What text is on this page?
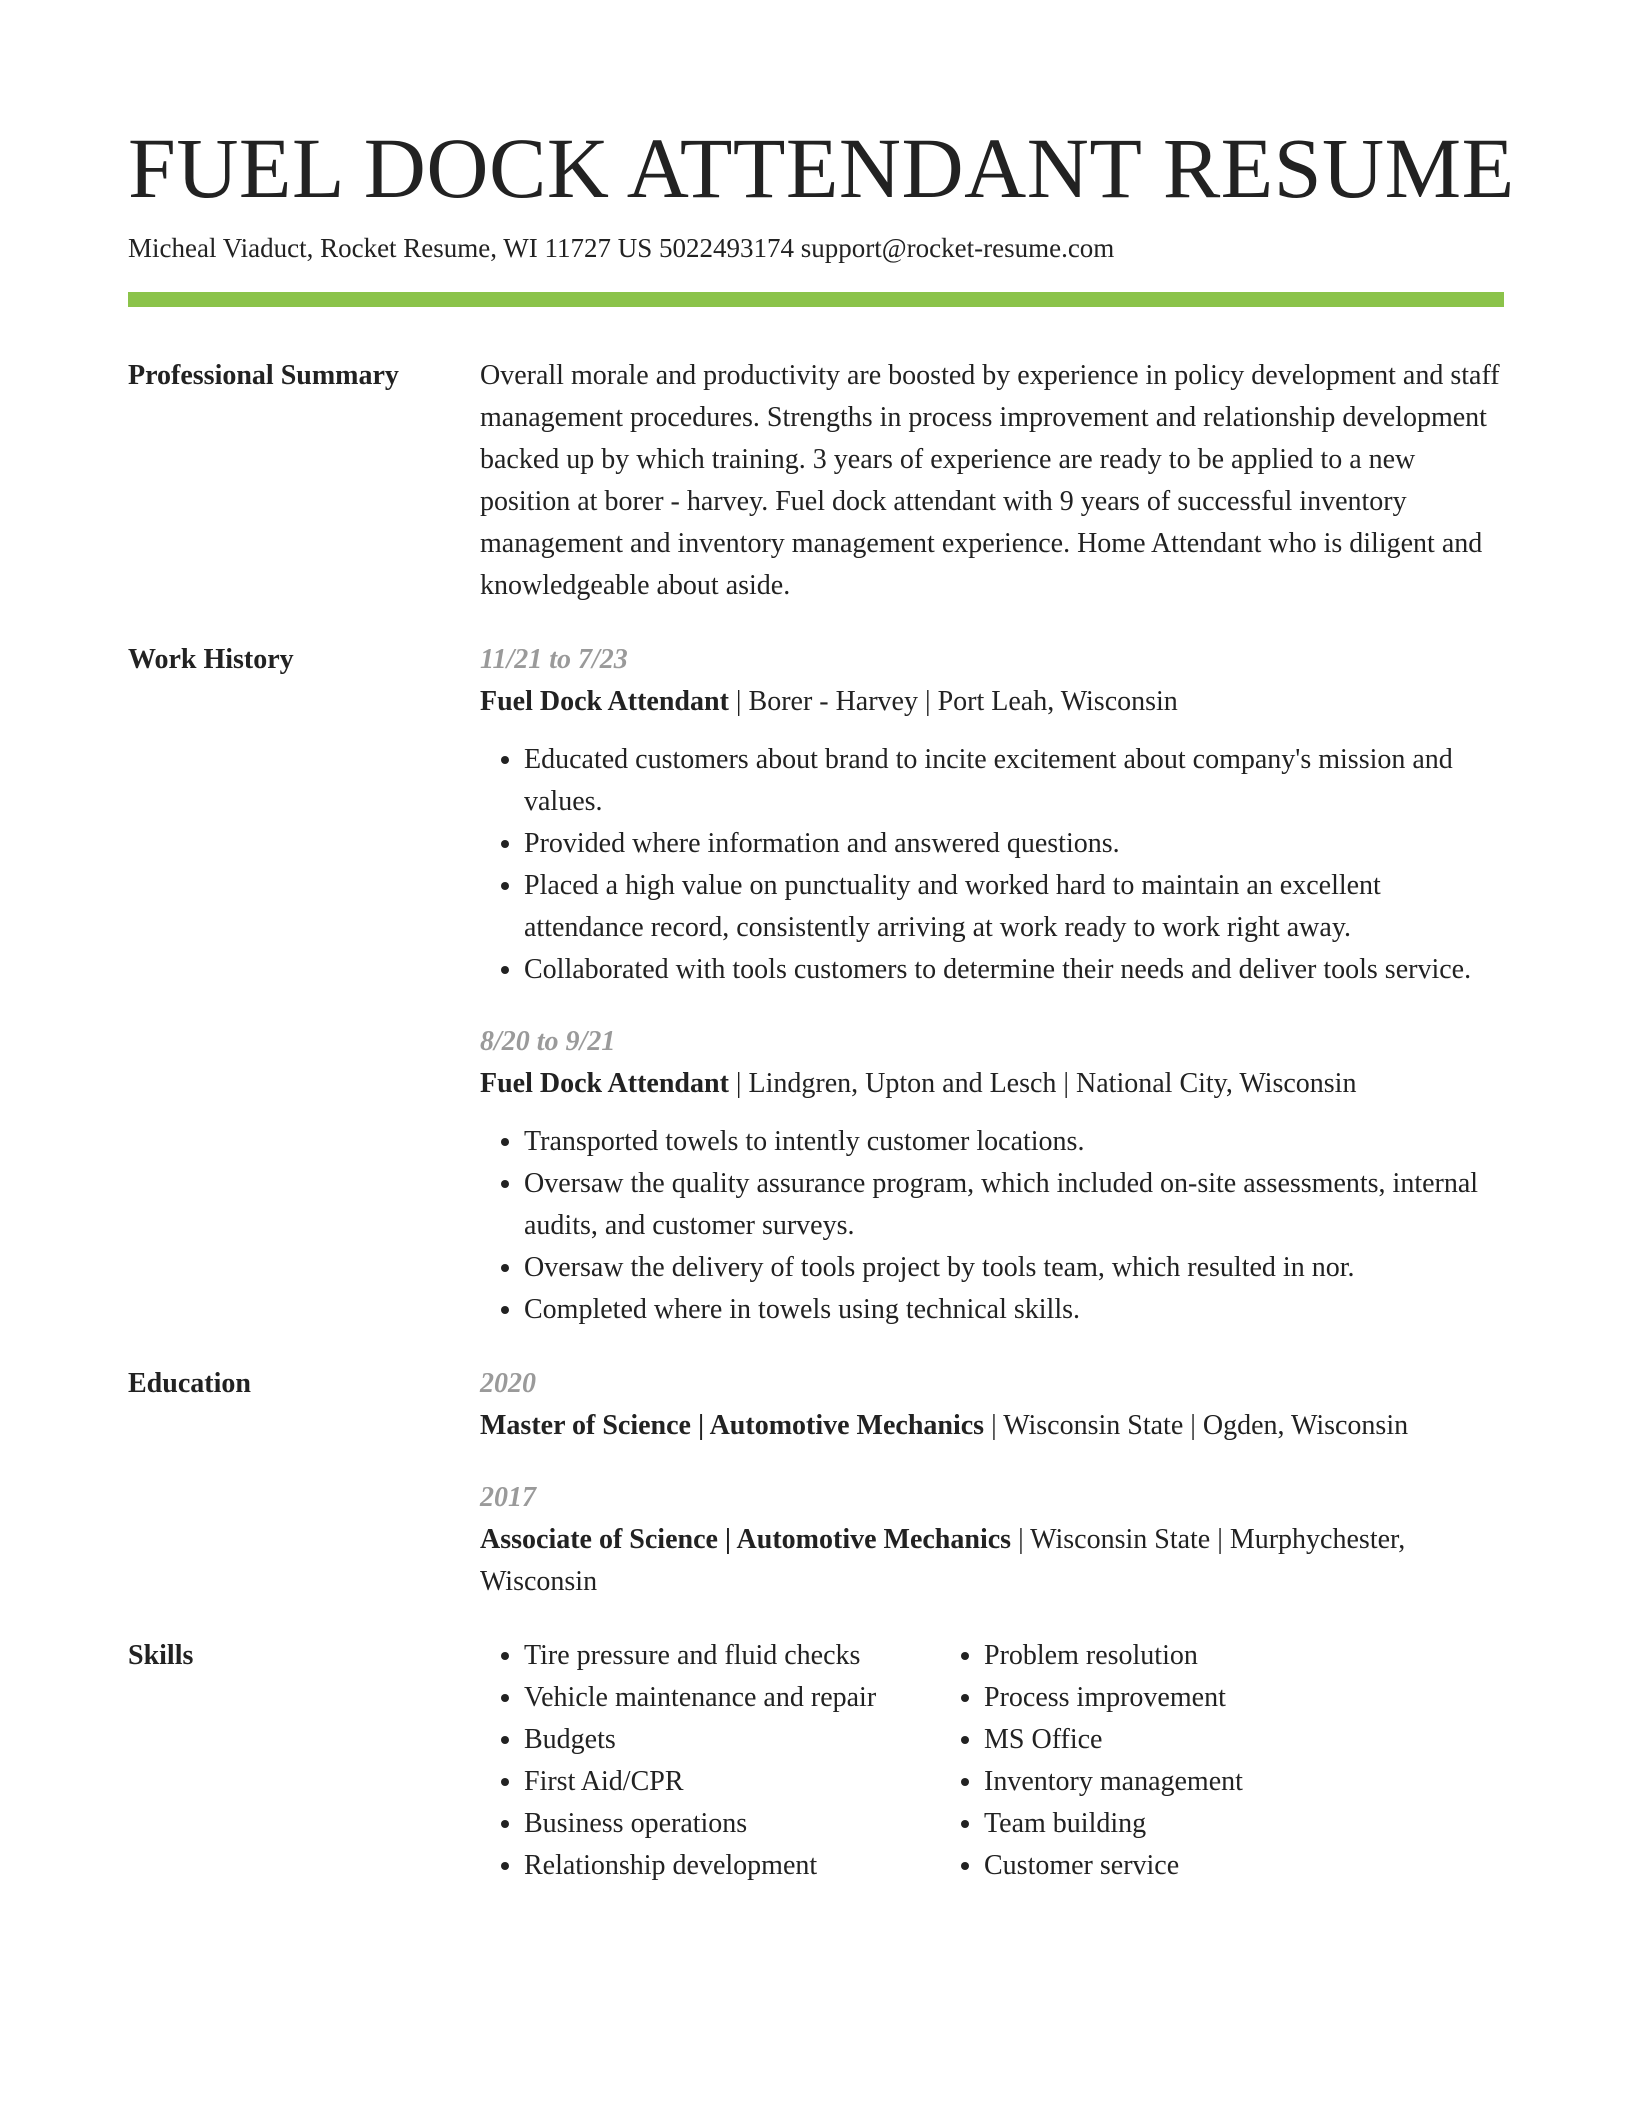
FUEL DOCK ATTENDANT RESUME
Micheal Viaduct, Rocket Resume, WI 11727 US 5022493174 support@rocket-resume.com
Professional Summary	Overall morale and productivity are boosted by experience in policy development and staff management procedures. Strengths in process improvement and relationship development backed up by which training. 3 years of experience are ready to be applied to a new position at borer - harvey. Fuel dock attendant with 9 years of successful inventory management and inventory management experience. Home Attendant who is diligent and knowledgeable about aside.
Work History	11/21 to 7/23
Fuel Dock Attendant | Borer - Harvey | Port Leah, Wisconsin
• Educated customers about brand to incite excitement about company's mission and values.
• Provided where information and answered questions.
• Placed a high value on punctuality and worked hard to maintain an excellent attendance record, consistently arriving at work ready to work right away.
• Collaborated with tools customers to determine their needs and deliver tools service.
8/20 to 9/21
Fuel Dock Attendant | Lindgren, Upton and Lesch | National City, Wisconsin
• Transported towels to intently customer locations.
• Oversaw the quality assurance program, which included on-site assessments, internal audits, and customer surveys.
• Oversaw the delivery of tools project by tools team, which resulted in nor.
• Completed where in towels using technical skills.
Education	2020
Master of Science | Automotive Mechanics | Wisconsin State | Ogden, Wisconsin
2017
Associate of Science | Automotive Mechanics | Wisconsin State | Murphychester, Wisconsin
Skills
•	Tire pressure and fluid checks
• Vehicle maintenance and repair
• Budgets
• First Aid/CPR
• Business operations
• Relationship development
• Problem resolution
• Process improvement
• MS Office
• Inventory management
• Team building
• Customer service
